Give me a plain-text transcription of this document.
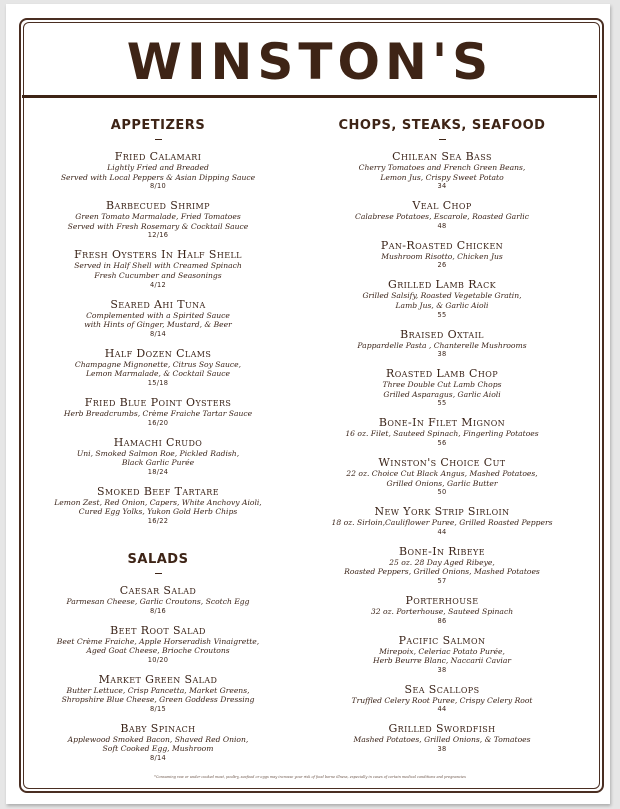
WINSTON'S
APPETIZERS
Fried Calamari
Lightly Fried and Breaded
Served with Local Peppers & Asian Dipping Sauce
8/10
Barbecued Shrimp
Green Tomato Marmalade, Fried Tomatoes
Served with Fresh Rosemary & Cocktail Sauce
12/16
Fresh Oysters In Half Shell
Served in Half Shell with Creamed Spinach
Fresh Cucumber and Seasonings
4/12
Seared Ahi Tuna
Complemented with a Spirited Sauce
with Hints of Ginger, Mustard, & Beer
8/14
Half Dozen Clams
Champagne Mignonette, Citrus Soy Sauce,
Lemon Marmalade, & Cocktail Sauce
15/18
Fried Blue Point Oysters
Herb Breadcrumbs, Crème Fraiche Tartar Sauce
16/20
Hamachi Crudo
Uni, Smoked Salmon Roe, Pickled Radish,
Black Garlic Purée
18/24
Smoked Beef Tartare
Lemon Zest, Red Onion, Capers, White Anchovy Aioli,
Cured Egg Yolks, Yukon Gold Herb Chips
16/22
SALADS
Caesar Salad
Parmesan Cheese, Garlic Croutons, Scotch Egg
8/16
Beet Root Salad
Beet Crème Fraiche, Apple Horseradish Vinaigrette,
Aged Goat Cheese, Brioche Croutons
10/20
Market Green Salad
Butter Lettuce, Crisp Pancetta, Market Greens,
Shropshire Blue Cheese, Green Goddess Dressing
8/15
Baby Spinach
Applewood Smoked Bacon, Shaved Red Onion,
Soft Cooked Egg, Mushroom
8/14
CHOPS, STEAKS, SEAFOOD
Chilean Sea Bass
Cherry Tomatoes and French Green Beans,
Lemon Jus, Crispy Sweet Potato
34
Veal Chop
Calabrese Potatoes, Escarole, Roasted Garlic
48
Pan-Roasted Chicken
Mushroom Risotto, Chicken Jus
26
Grilled Lamb Rack
Grilled Salsify, Roasted Vegetable Gratin,
Lamb Jus, & Garlic Aioli
55
Braised Oxtail
Pappardelle Pasta , Chanterelle Mushrooms
38
Roasted Lamb Chop
Three Double Cut Lamb Chops
Grilled Asparagus, Garlic Aioli
55
Bone-In Filet Mignon
16 oz. Filet, Sauteed Spinach, Fingerling Potatoes
56
Winston's Choice Cut
22 oz. Choice Cut Black Angus, Mashed Potatoes,
Grilled Onions, Garlic Butter
50
New York Strip Sirloin
18 oz. Sirloin,Cauliflower Puree, Grilled Roasted Peppers
44
Bone-In Ribeye
25 oz. 28 Day Aged Ribeye,
Roasted Peppers, Grilled Onions, Mashed Potatoes
57
Porterhouse
32 oz. Porterhouse, Sauteed Spinach
86
Pacific Salmon
Mirepoix, Celeriac Potato Purée,
Herb Beurre Blanc, Naccarii Caviar
38
Sea Scallops
Truffled Celery Root Puree, Crispy Celery Root
44
Grilled Swordfish
Mashed Potatoes, Grilled Onions, & Tomatoes
38
*Consuming raw or under cooked meat, poultry, seafood or eggs may increase your risk of food borne illness, especially in cases of certain medical conditions and pregnancies
